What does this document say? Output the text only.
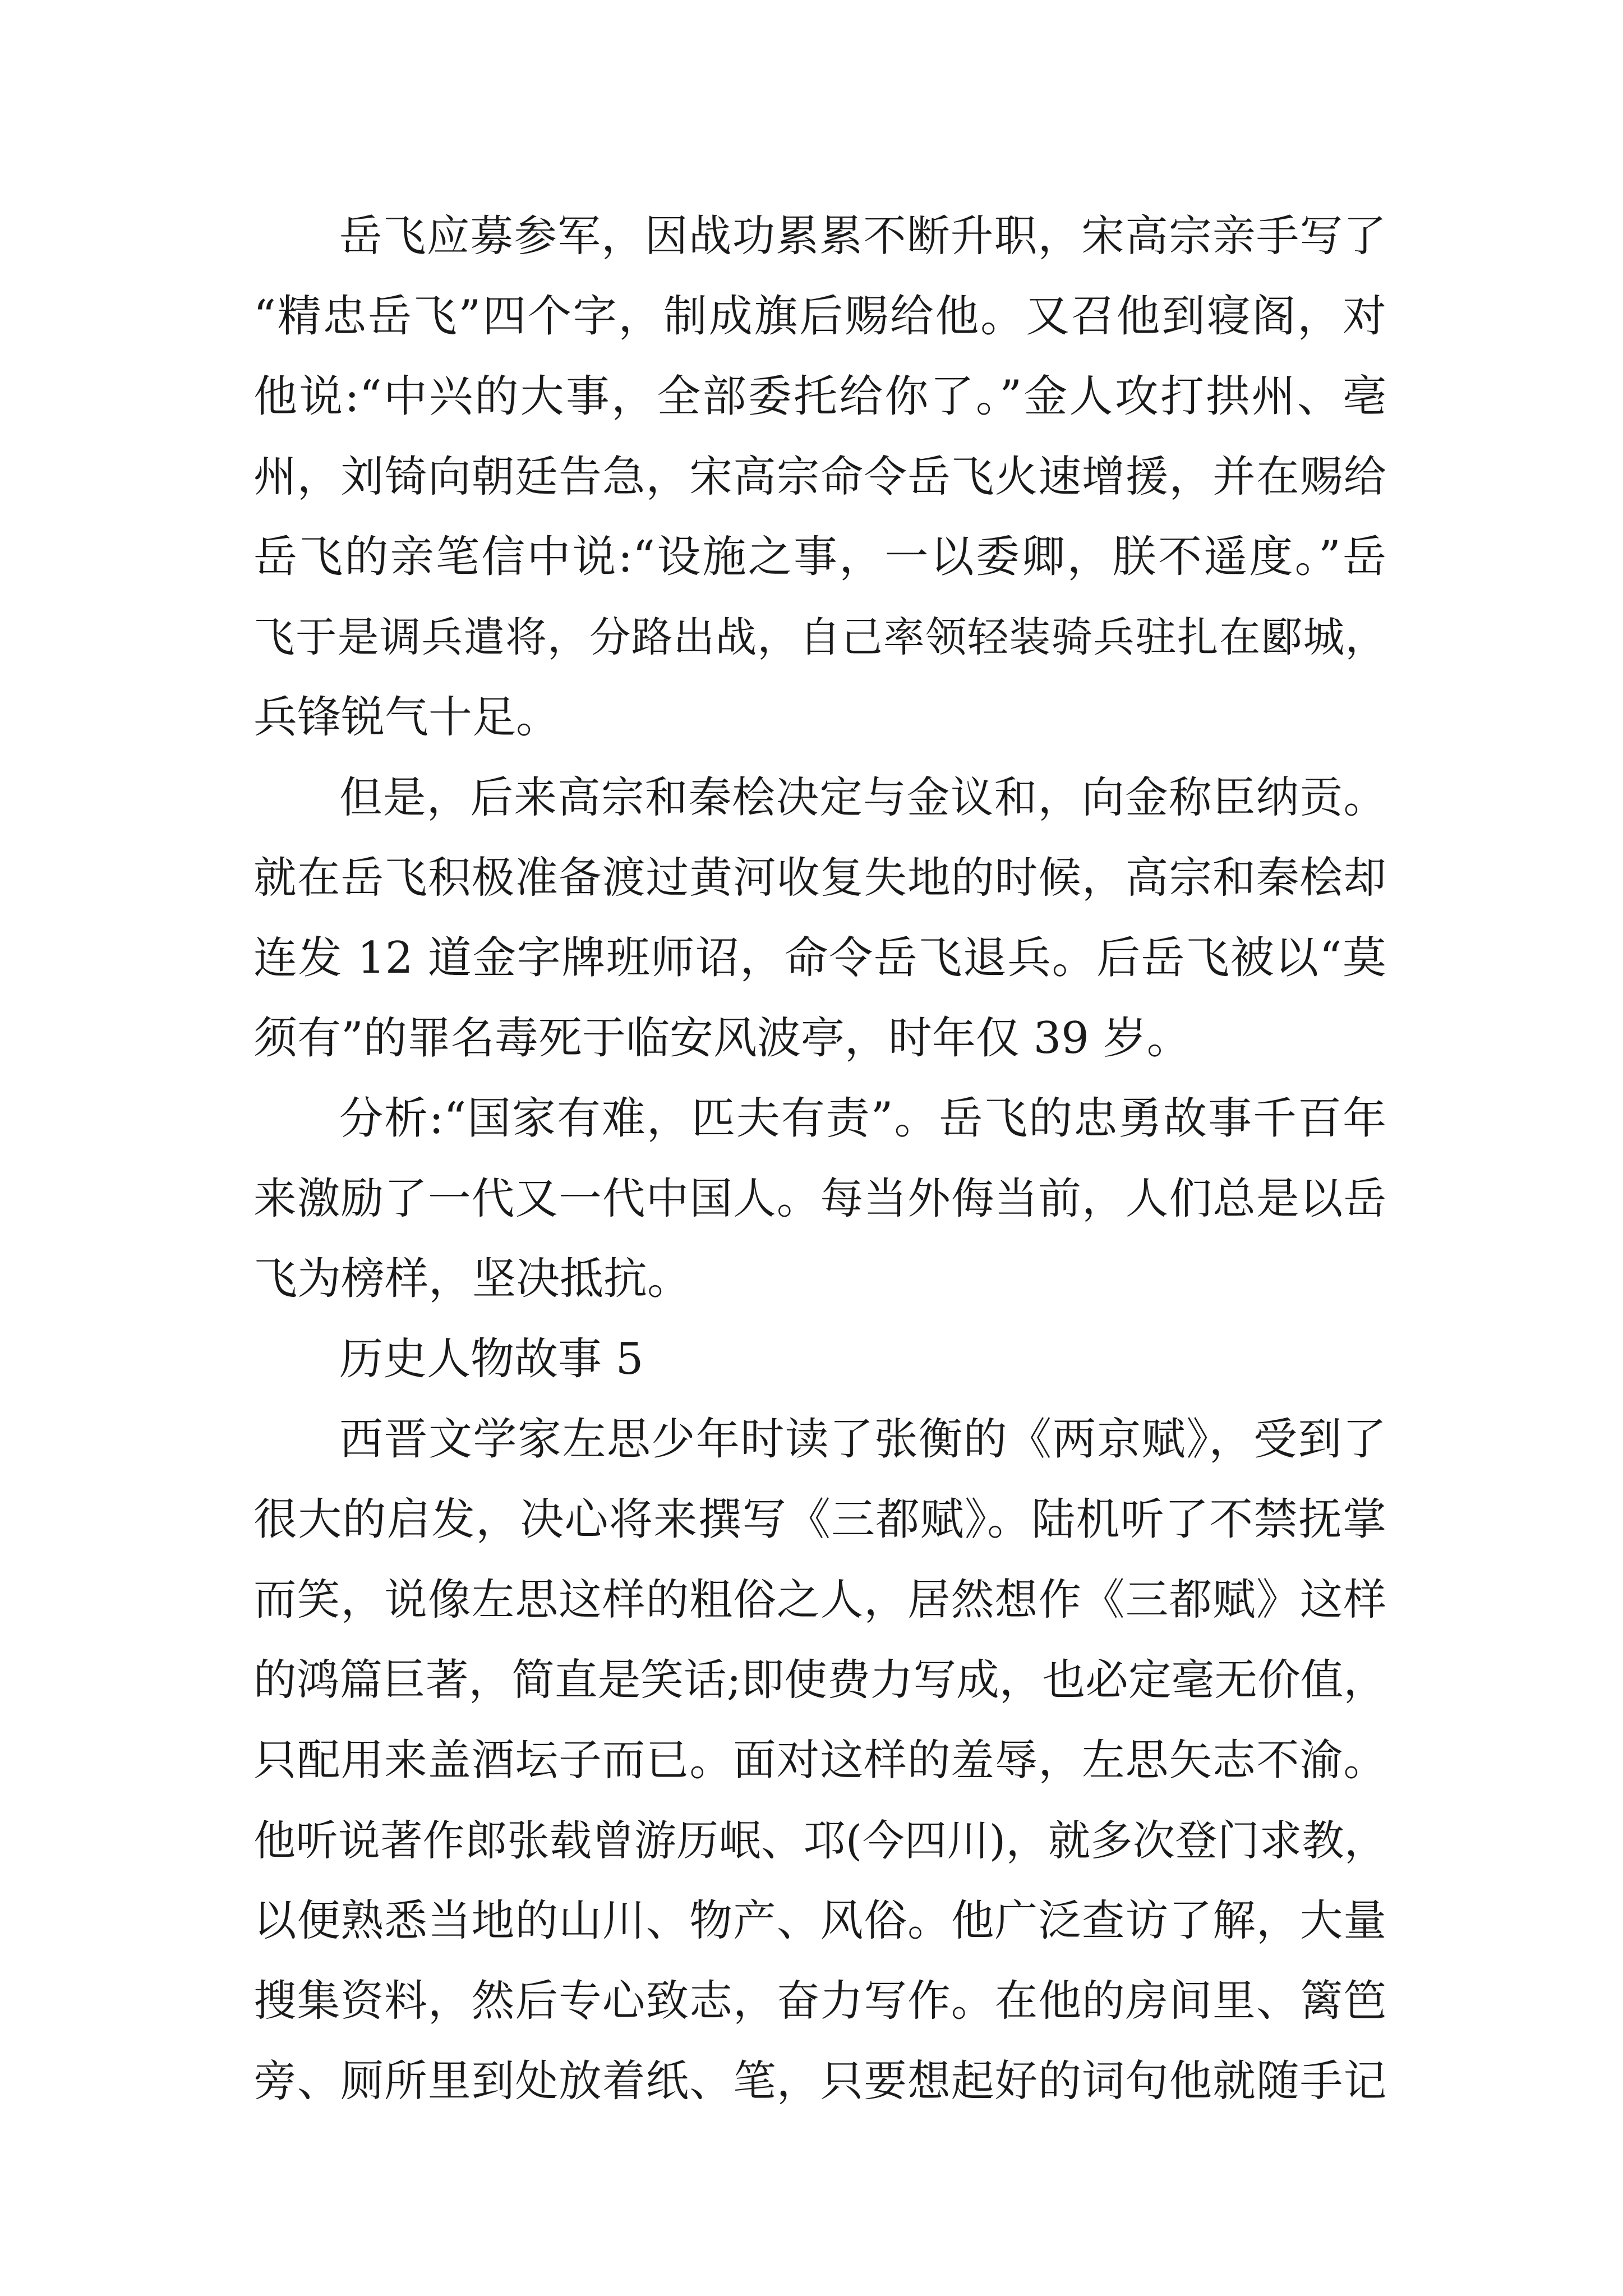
岳飞应募参军，因战功累累不断升职，宋高宗亲手写了
“精忠岳飞”四个字，制成旗后赐给他。又召他到寝阁，对
他说:“中兴的大事，全部委托给你了。”金人攻打拱州、亳
州，刘锜向朝廷告急，宋高宗命令岳飞火速增援，并在赐给
岳飞的亲笔信中说:“设施之事，一以委卿，朕不遥度。”岳
飞于是调兵遣将，分路出战，自己率领轻装骑兵驻扎在郾城，
兵锋锐气十足。
但是，后来高宗和秦桧决定与金议和，向金称臣纳贡。
就在岳飞积极准备渡过黄河收复失地的时候，高宗和秦桧却
连发 12 道金字牌班师诏，命令岳飞退兵。后岳飞被以“莫
须有”的罪名毒死于临安风波亭，时年仅 39 岁。
分析:“国家有难，匹夫有责”。岳飞的忠勇故事千百年
来激励了一代又一代中国人。每当外侮当前，人们总是以岳
飞为榜样，坚决抵抗。
历史人物故事 5
西晋文学家左思少年时读了张衡的《两京赋》，受到了
很大的启发，决心将来撰写《三都赋》。陆机听了不禁抚掌
而笑，说像左思这样的粗俗之人，居然想作《三都赋》这样
的鸿篇巨著，简直是笑话;即使费力写成，也必定毫无价值，
只配用来盖酒坛子而已。面对这样的羞辱，左思矢志不渝。
他听说著作郎张载曾游历岷、邛(今四川)，就多次登门求教，
以便熟悉当地的山川、物产、风俗。他广泛查访了解，大量
搜集资料，然后专心致志，奋力写作。在他的房间里、篱笆
旁、厕所里到处放着纸、笔，只要想起好的词句他就随手记
